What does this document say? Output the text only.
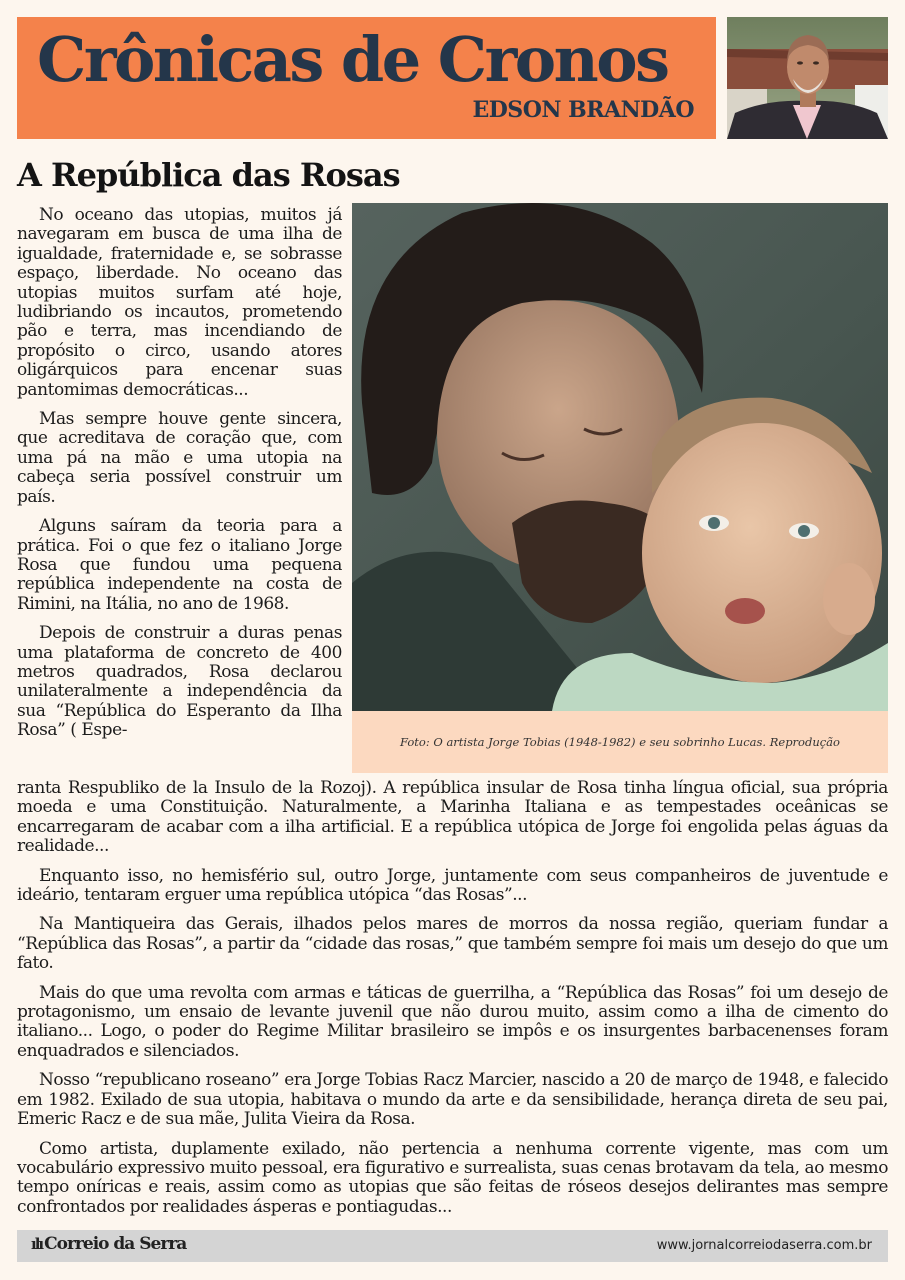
Crônicas de Cronos
EDSON BRANDÃO
A República das Rosas

No oceano das utopias, muitos já navegaram em busca de uma ilha de igualdade, fraternidade e, se sobrasse espaço, liberdade. No oceano das utopias muitos surfam até hoje, ludibriando os incautos, prometendo pão e terra, mas incendiando de propósito o circo, usando atores oligárquicos para encenar suas pantomimas democráticas...

Mas sempre houve gente sincera, que acreditava de coração que, com uma pá na mão e uma utopia na cabeça seria possível construir um país.

Alguns saíram da teoria para a prática. Foi o que fez o italiano Jorge Rosa que fundou uma pequena república independente na costa de Rimini, na Itália, no ano de 1968.

Depois de construir a duras penas uma plataforma de concreto de 400 metros quadrados, Rosa declarou unilateralmente a independência da sua “República do Esperanto da Ilha Rosa” ( Espe-

Foto: O artista Jorge Tobias (1948-1982) e seu sobrinho Lucas. Reprodução

ranta Respubliko de la Insulo de la Rozoj). A república insular de Rosa tinha língua oficial, sua própria moeda e uma Constituição. Naturalmente, a Marinha Italiana e as tempestades oceânicas se encarregaram de acabar com a ilha artificial. E a república utópica de Jorge foi engolida pelas águas da realidade...

Enquanto isso, no hemisfério sul, outro Jorge, juntamente com seus companheiros de juventude e ideário, tentaram erguer uma república utópica “das Rosas”...

Na Mantiqueira das Gerais, ilhados pelos mares de morros da nossa região, queriam fundar a “República das Rosas”, a partir da “cidade das rosas,” que também sempre foi mais um desejo do que um fato.

Mais do que uma revolta com armas e táticas de guerrilha, a “República das Rosas” foi um desejo de protagonismo, um ensaio de levante juvenil que não durou muito, assim como a ilha de cimento do italiano... Logo, o poder do Regime Militar brasileiro se impôs e os insurgentes barbacenenses foram enquadrados e silenciados.

Nosso “republicano roseano” era Jorge Tobias Racz Marcier, nascido a 20 de março de 1948, e falecido em 1982. Exilado de sua utopia, habitava o mundo da arte e da sensibilidade, herança direta de seu pai, Emeric Racz e de sua mãe, Julita Vieira da Rosa.

Como artista, duplamente exilado, não pertencia a nenhuma corrente vigente, mas com um vocabulário expressivo muito pessoal, era figurativo e surrealista, suas cenas brotavam da tela, ao mesmo tempo oníricas e reais, assim como as utopias que são feitas de róseos desejos delirantes mas sempre confrontados por realidades ásperas e pontiagudas...

ılı Correio da Serra	www.jornalcorreiodaserra.com.br
